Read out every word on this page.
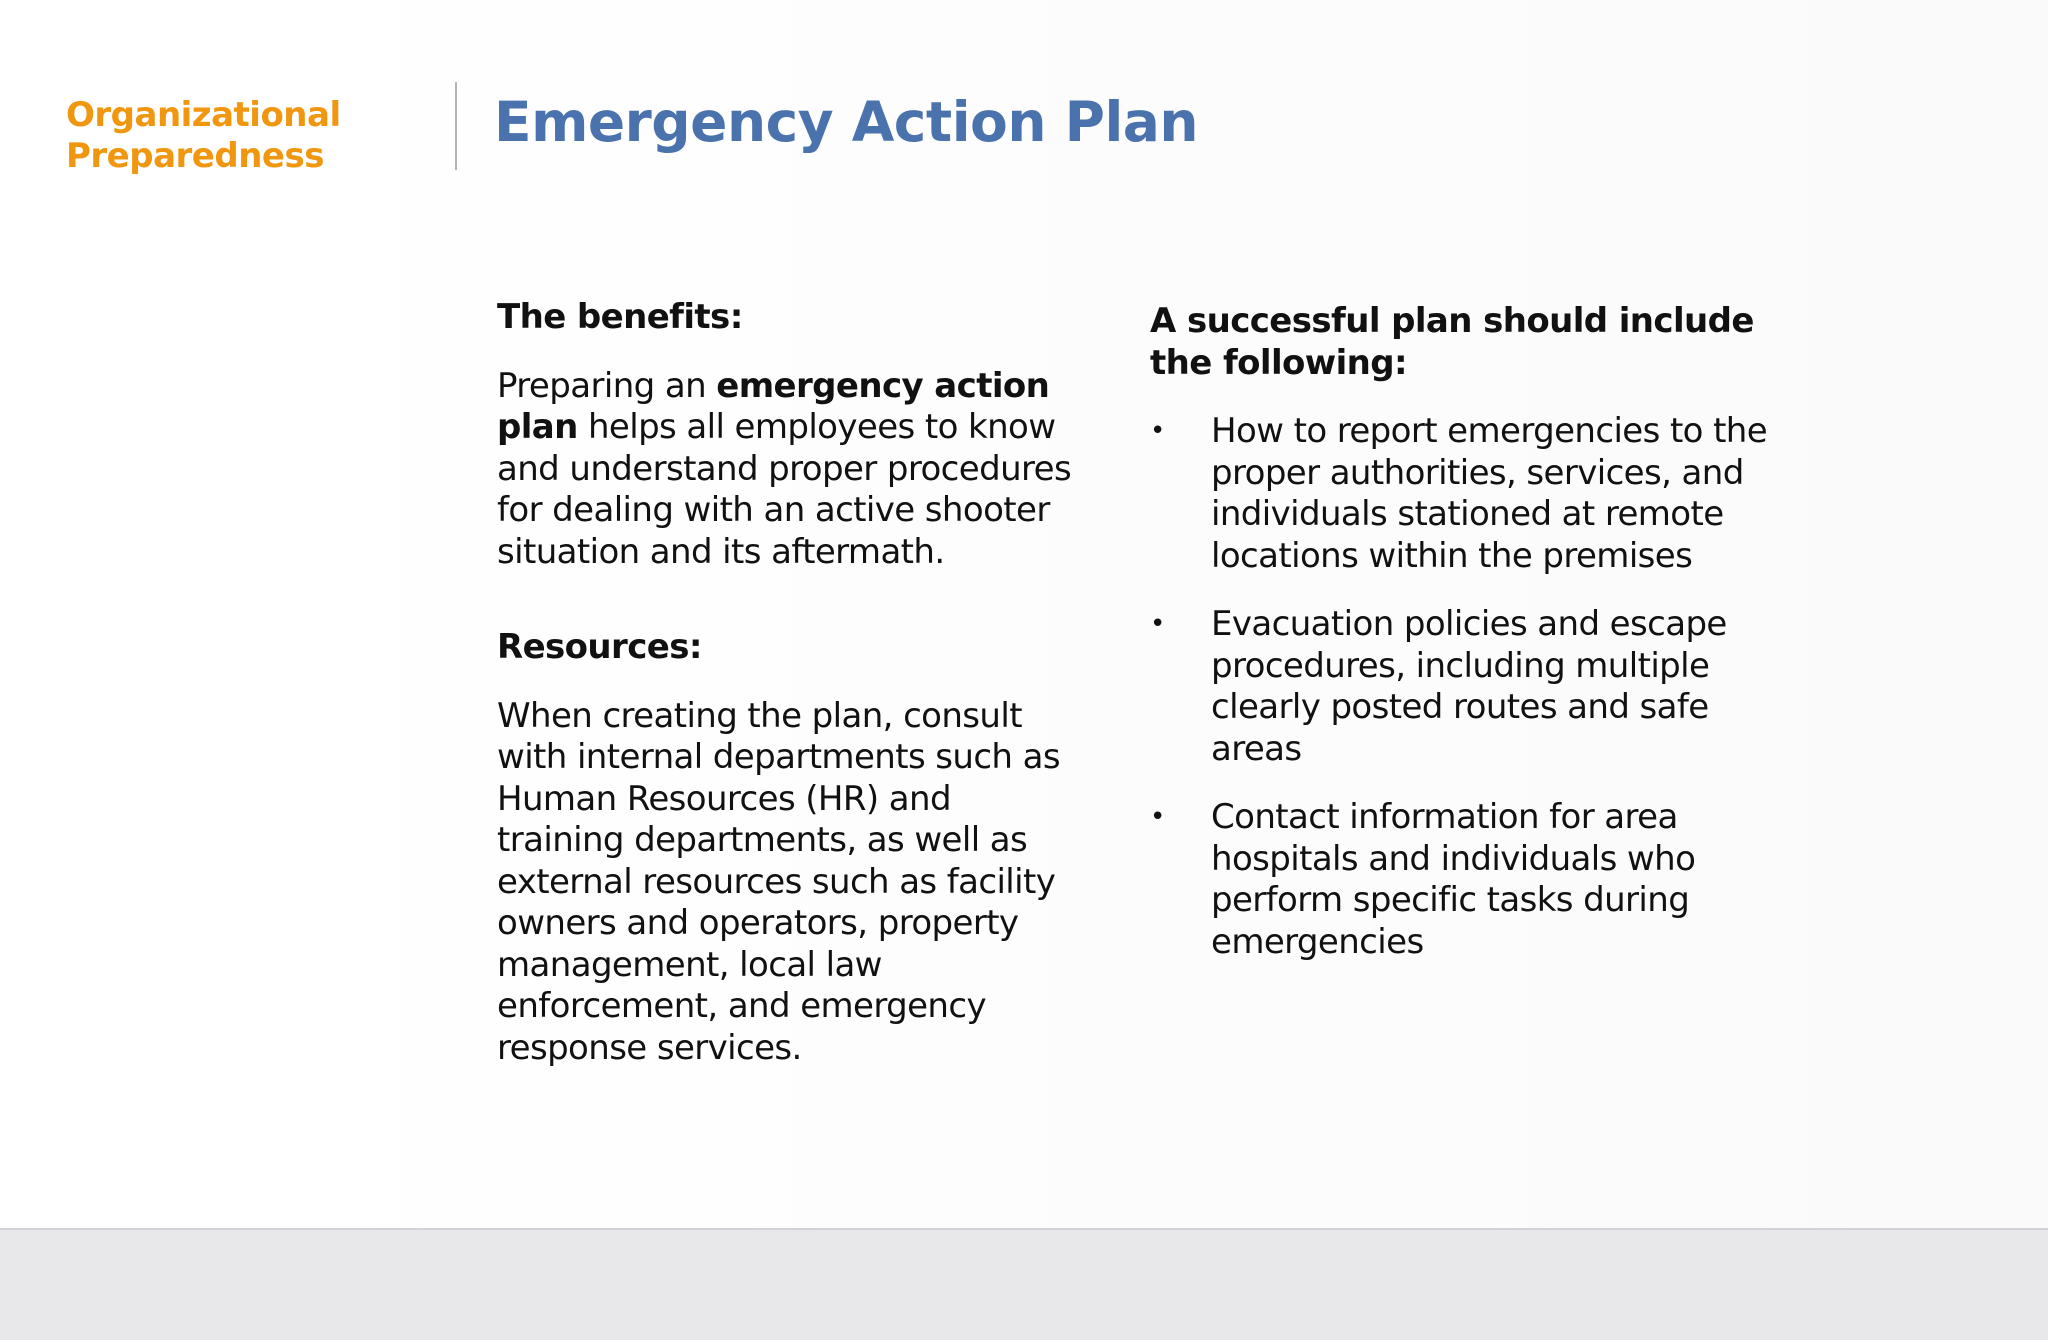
Organizational
Preparedness
Emergency Action Plan
The benefits:
Preparing an emergency action plan helps all employees to know and understand proper procedures for dealing with an active shooter situation and its aftermath.
Resources:
When creating the plan, consult with internal departments such as Human Resources (HR) and training departments, as well as external resources such as facility owners and operators, property management, local law enforcement, and emergency response services.
A successful plan should include the following:
• How to report emergencies to the proper authorities, services, and individuals stationed at remote locations within the premises
• Evacuation policies and escape procedures, including multiple clearly posted routes and safe areas
• Contact information for area hospitals and individuals who perform specific tasks during emergencies
